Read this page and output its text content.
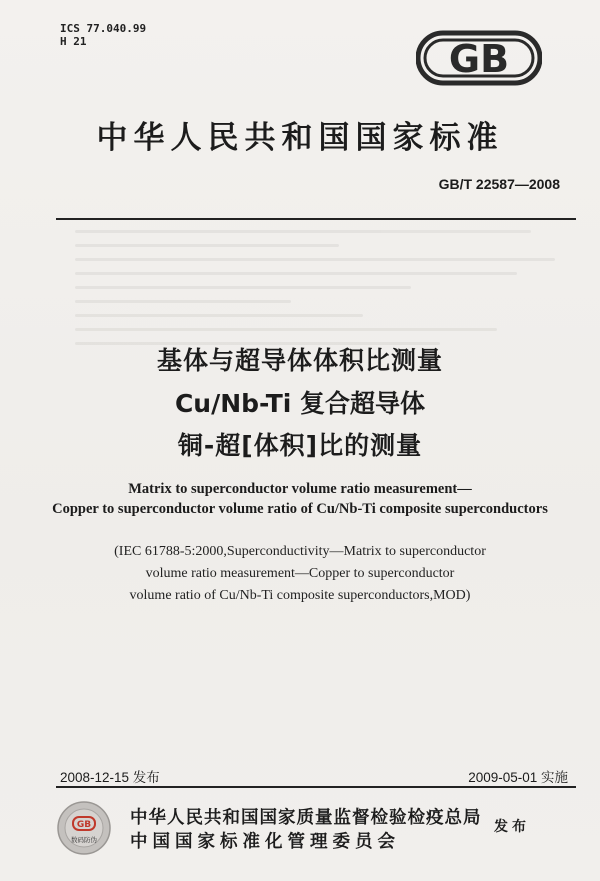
ICS 77.040.99
H 21	GB
中华人民共和国国家标准
GB/T 22587—2008
基体与超导体体积比测量
Cu/Nb-Ti 复合超导体
铜-超[体积]比的测量
Matrix to superconductor volume ratio measurement—
Copper to superconductor volume ratio of Cu/Nb-Ti composite superconductors
(IEC 61788-5:2000,Superconductivity—Matrix to superconductor
volume ratio measurement—Copper to superconductor
volume ratio of Cu/Nb-Ti composite superconductors,MOD)
2008-12-15 发布	2009-05-01 实施
GB
数码防伪
中华人民共和国国家质量监督检验检疫总局
中国国家标准化管理委员会
发布
